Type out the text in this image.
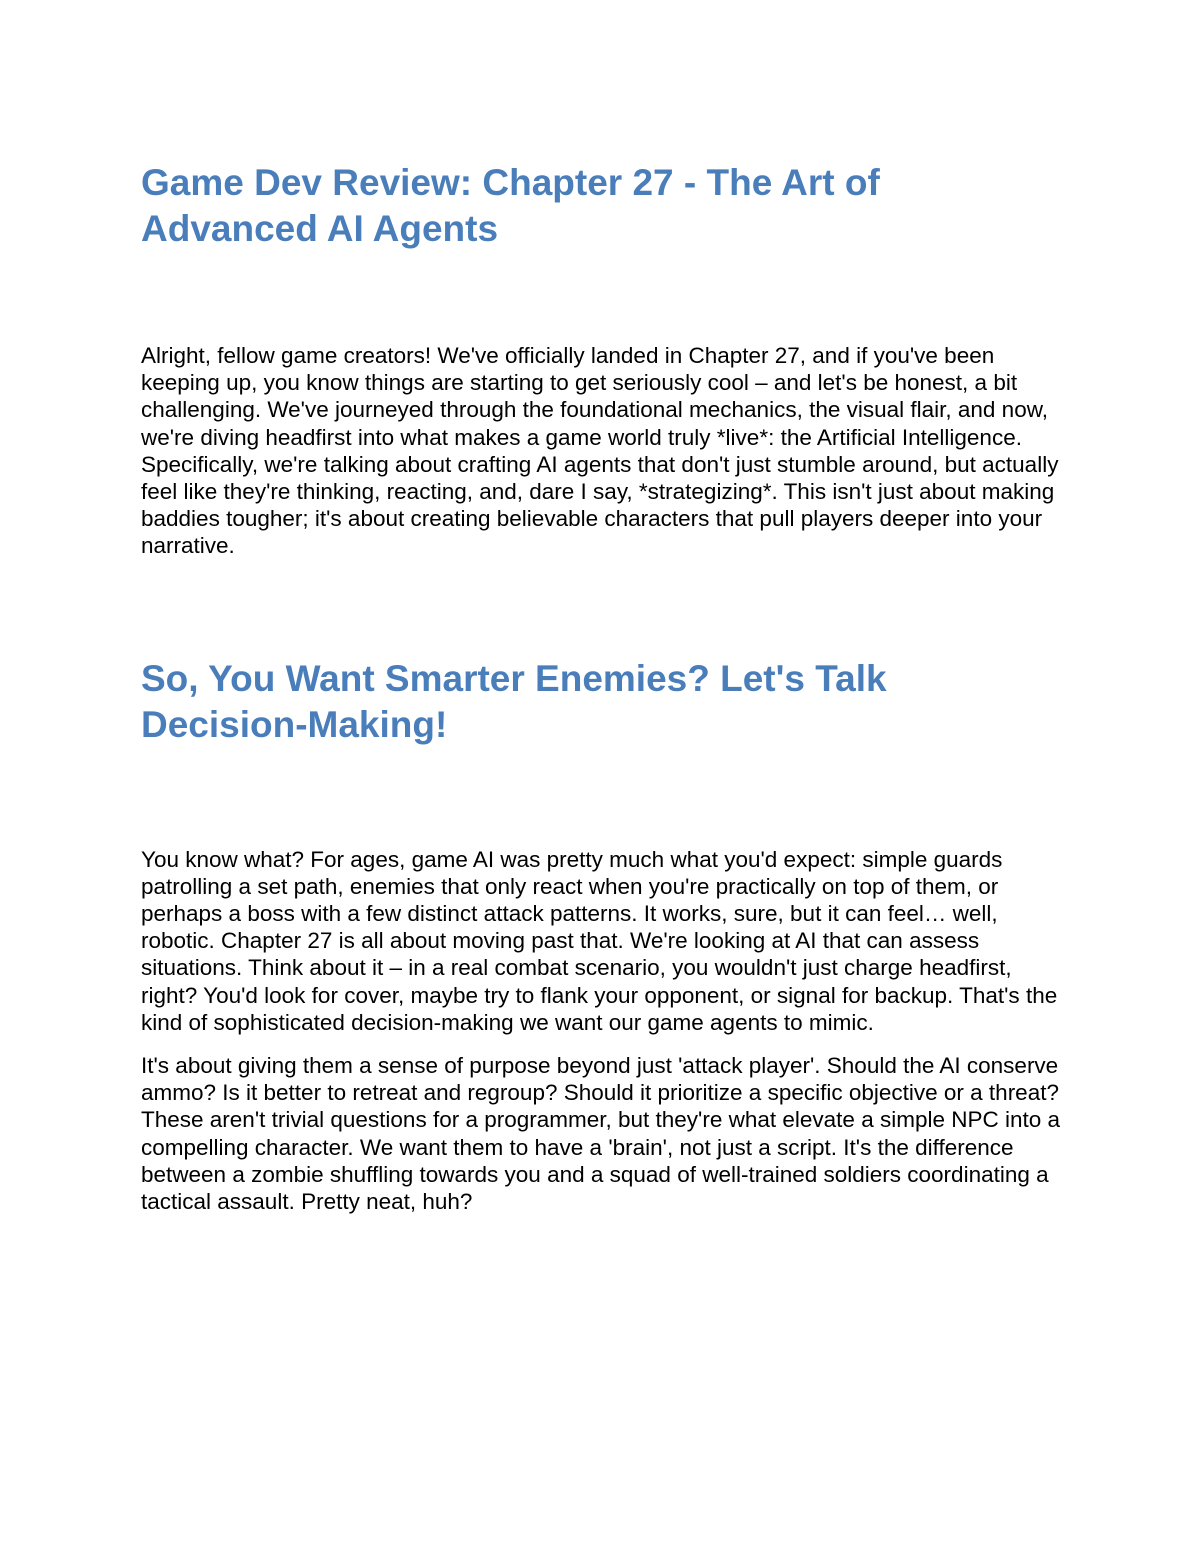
Game Dev Review: Chapter 27 - The Art of Advanced AI Agents

Alright, fellow game creators! We've officially landed in Chapter 27, and if you've been keeping up, you know things are starting to get seriously cool – and let's be honest, a bit challenging. We've journeyed through the foundational mechanics, the visual flair, and now, we're diving headfirst into what makes a game world truly *live*: the Artificial Intelligence. Specifically, we're talking about crafting AI agents that don't just stumble around, but actually feel like they're thinking, reacting, and, dare I say, *strategizing*. This isn't just about making baddies tougher; it's about creating believable characters that pull players deeper into your narrative.

So, You Want Smarter Enemies? Let's Talk Decision-Making!

You know what? For ages, game AI was pretty much what you'd expect: simple guards patrolling a set path, enemies that only react when you're practically on top of them, or perhaps a boss with a few distinct attack patterns. It works, sure, but it can feel… well, robotic. Chapter 27 is all about moving past that. We're looking at AI that can assess situations. Think about it – in a real combat scenario, you wouldn't just charge headfirst, right? You'd look for cover, maybe try to flank your opponent, or signal for backup. That's the kind of sophisticated decision-making we want our game agents to mimic.

It's about giving them a sense of purpose beyond just 'attack player'. Should the AI conserve ammo? Is it better to retreat and regroup? Should it prioritize a specific objective or a threat? These aren't trivial questions for a programmer, but they're what elevate a simple NPC into a compelling character. We want them to have a 'brain', not just a script. It's the difference between a zombie shuffling towards you and a squad of well-trained soldiers coordinating a tactical assault. Pretty neat, huh?
